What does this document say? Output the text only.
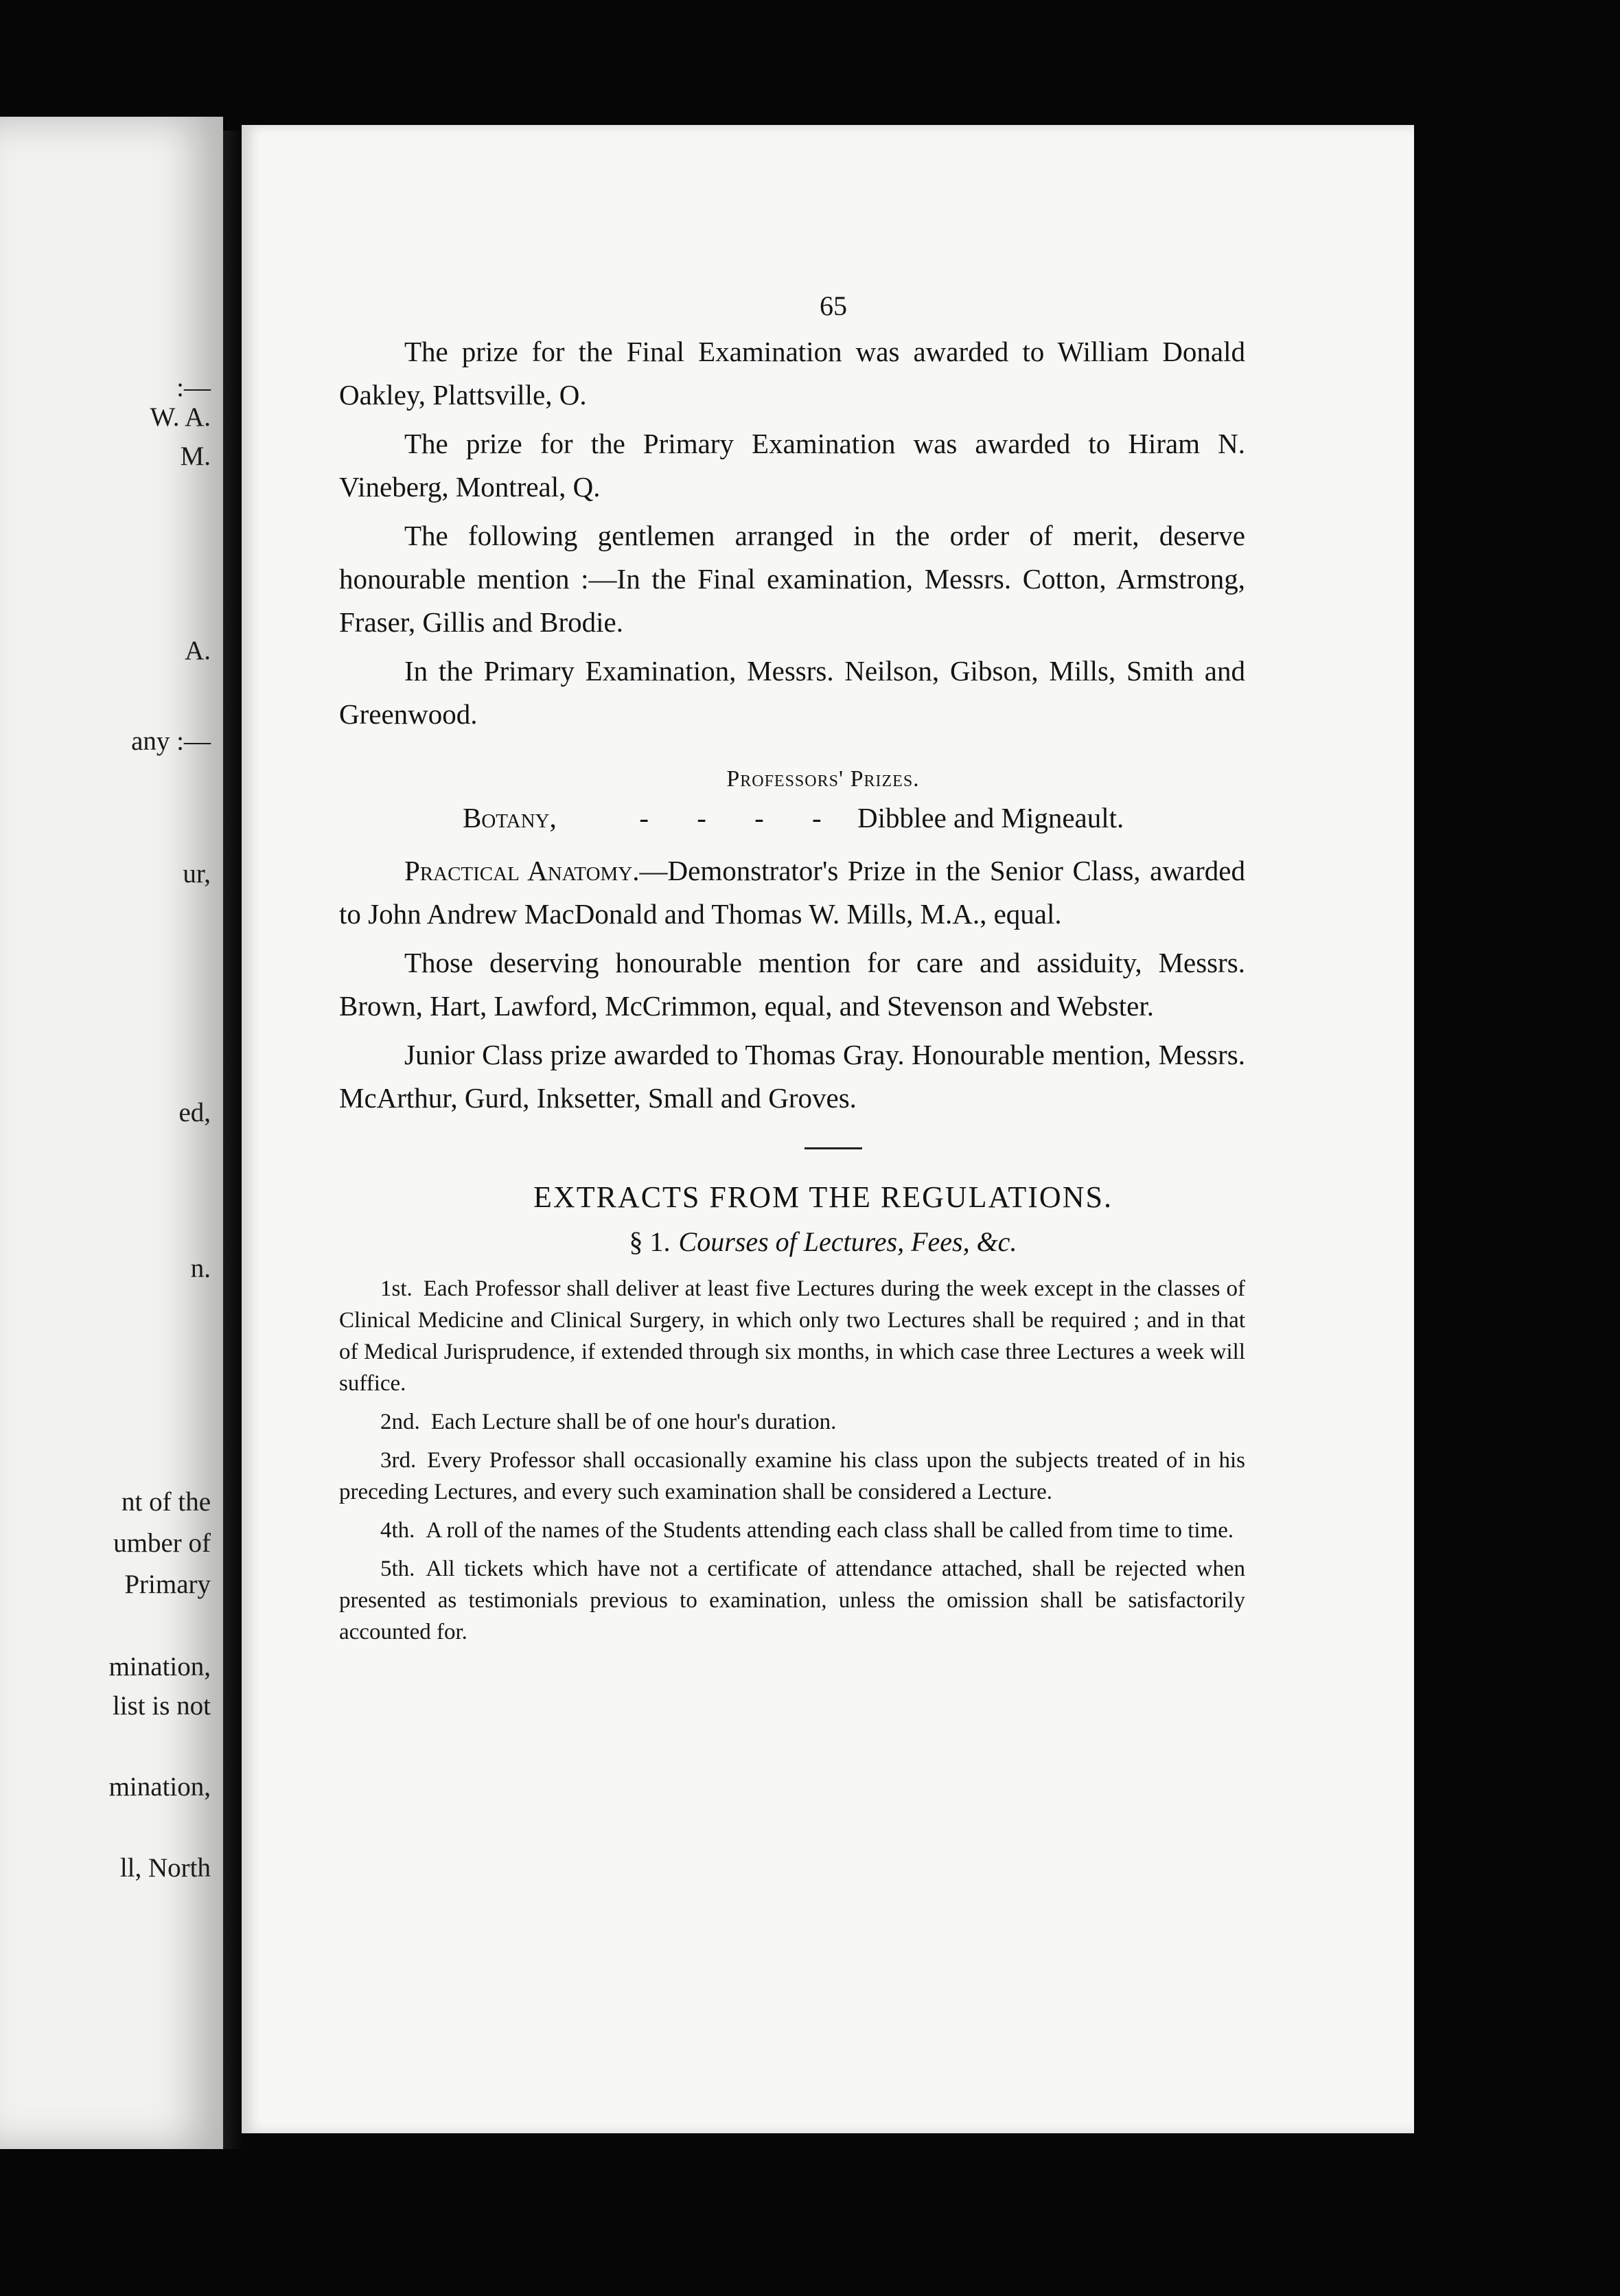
:—
W. A.
M.
A.
any :—
ur,
ed,
n.
nt of the
umber of
Primary
mination,
list is not
mination,
ll, North
65

The prize for the Final Examination was awarded to William Donald Oakley, Plattsville, O.

The prize for the Primary Examination was awarded to Hiram N. Vineberg, Montreal, Q.

The following gentlemen arranged in the order of merit, deserve honourable mention :—In the Final examination, Messrs. Cotton, Armstrong, Fraser, Gillis and Brodie.

In the Primary Examination, Messrs. Neilson, Gibson, Mills, Smith and Greenwood.

Professors' Prizes.
Botany,	- - - - Dibblee and Migneault.

Practical Anatomy.—Demonstrator's Prize in the Senior Class, awarded to John Andrew MacDonald and Thomas W. Mills, M.A., equal.

Those deserving honourable mention for care and assiduity, Messrs. Brown, Hart, Lawford, McCrimmon, equal, and Stevenson and Webster.

Junior Class prize awarded to Thomas Gray. Honourable mention, Messrs. McArthur, Gurd, Inksetter, Small and Groves.

EXTRACTS FROM THE REGULATIONS.
§ 1. Courses of Lectures, Fees, &c.

1st. Each Professor shall deliver at least five Lectures during the week except in the classes of Clinical Medicine and Clinical Surgery, in which only two Lectures shall be required ; and in that of Medical Jurisprudence, if extended through six months, in which case three Lectures a week will suffice.

2nd. Each Lecture shall be of one hour's duration.

3rd. Every Professor shall occasionally examine his class upon the subjects treated of in his preceding Lectures, and every such examination shall be considered a Lecture.

4th. A roll of the names of the Students attending each class shall be called from time to time.

5th. All tickets which have not a certificate of attendance attached, shall be rejected when presented as testimonials previous to examination, unless the omission shall be satisfactorily accounted for.
